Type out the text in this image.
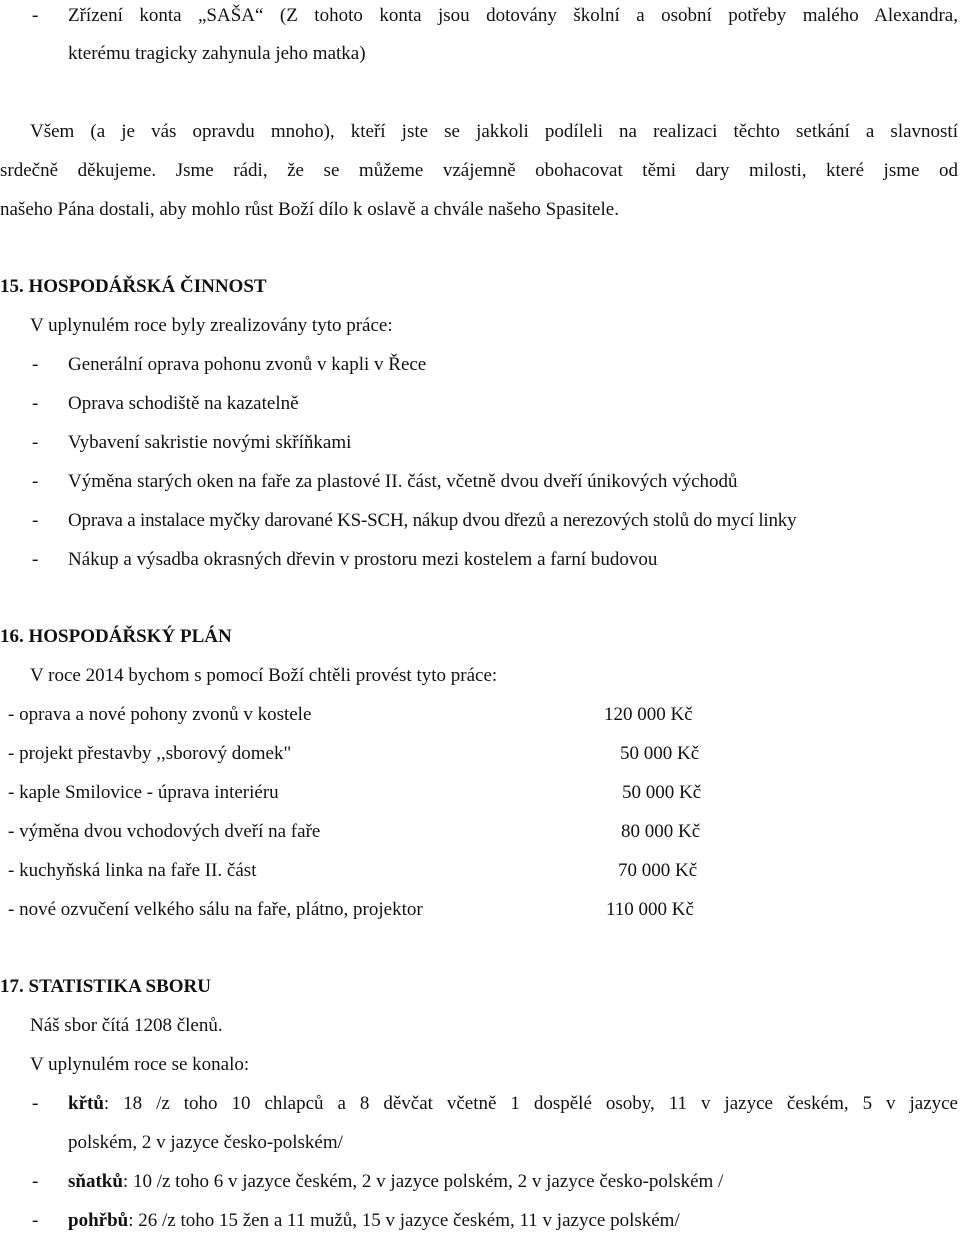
- Zřízení konta „SAŠA“ (Z tohoto konta jsou dotovány školní a osobní potřeby malého Alexandra,
kterému tragicky zahynula jeho matka)
Všem (a je vás opravdu mnoho), kteří jste se jakkoli podíleli na realizaci těchto setkání a slavností
srdečně děkujeme. Jsme rádi, že se můžeme vzájemně obohacovat těmi dary milosti, které jsme od
našeho Pána dostali, aby mohlo růst Boží dílo k oslavě a chvále našeho Spasitele.
15. HOSPODÁŘSKÁ ČINNOST
V uplynulém roce byly zrealizovány tyto práce:
- Generální oprava pohonu zvonů v kapli v Řece
- Oprava schodiště na kazatelně
- Vybavení sakristie novými skříňkami
- Výměna starých oken na faře za plastové II. část, včetně dvou dveří únikových východů
- Oprava a instalace myčky darované KS-SCH, nákup dvou dřezů a nerezových stolů do mycí linky
- Nákup a výsadba okrasných dřevin v prostoru mezi kostelem a farní budovou
16. HOSPODÁŘSKÝ PLÁN
V roce 2014 bychom s pomocí Boží chtěli provést tyto práce:
- oprava a nové pohony zvonů v kostele	120 000 Kč
- projekt přestavby ,,sborový domek"	50 000 Kč
- kaple Smilovice - úprava interiéru	50 000 Kč
- výměna dvou vchodových dveří na faře	80 000 Kč
- kuchyňská linka na faře II. část	70 000 Kč
- nové ozvučení velkého sálu na faře, plátno, projektor	110 000 Kč
17. STATISTIKA SBORU
Náš sbor čítá 1208 členů.
V uplynulém roce se konalo:
- křtů: 18 /z toho 10 chlapců a 8 děvčat včetně 1 dospělé osoby, 11 v jazyce českém, 5 v jazyce
polském, 2 v jazyce česko-polském/
- sňatků: 10 /z toho 6 v jazyce českém, 2 v jazyce polském, 2 v jazyce česko-polském /
- pohřbů: 26 /z toho 15 žen a 11 mužů, 15 v jazyce českém, 11 v jazyce polském/
